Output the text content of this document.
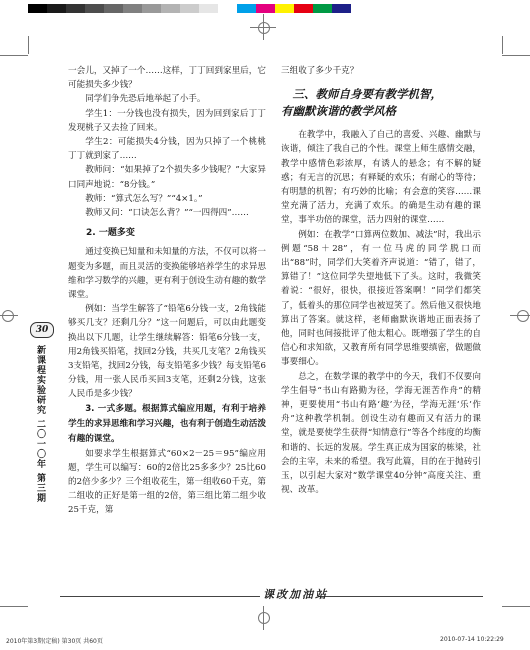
30
新课程实验研究 二〇一〇年 第三期

一会儿，又掉了一个……这样，丁丁回到家里后，它可能损失多少钱？

同学们争先恐后地举起了小手。

学生1：一分钱也没有损失，因为回到家后丁丁发现桃子又去捡了回来。

学生2：可能损失4分钱，因为只掉了一个桃桃丁丁就到家了……

教师问：“如果掉了2个损失多少钱呢？”大家异口同声地说：“8分钱。”

教师：“算式怎么写？”“4×1。”

教师又问：“口诀怎么背？”“一四得四”……

2. 一题多变

通过变换已知量和未知量的方法，不仅可以将一题变为多题，而且灵活的变换能够培养学生的求异思维和学习数学的兴趣，更有利于创设生动有趣的数学课堂。

例如：当学生解答了“铅笔6分钱一支，2角钱能够买几支？还剩几分？”这一问题后，可以由此题变换出以下几题，让学生继续解答：铅笔6分钱一支，用2角钱买铅笔，找回2分钱，共买几支笔？2角钱买3支铅笔，找回2分钱，每支铅笔多少钱？每支铅笔6分钱，用一张人民币买回3支笔，还剩2分钱，这张人民币是多少钱？

3. 一式多题。根据算式编应用题，有利于培养学生的求异思维和学习兴趣，也有利于创造生动活泼有趣的课堂。

如要求学生根据算式“60×2－25＝95”编应用题，学生可以编写：60的2倍比25多多少？25比60的2倍少多少？三个组收花生，第一组收60千克，第二组收的正好是第一组的2倍，第三组比第二组少收25千克，第

三组收了多少千克？

三、教师自身要有教学机智，
有幽默诙谐的教学风格

在教学中，我融入了自己的喜爱、兴趣、幽默与诙谐，倾注了我自己的个性。课堂上师生感情交融，教学中感情色彩浓厚，有诱人的悬念；有不解的疑惑；有无言的沉思；有释疑的欢乐；有耐心的等待；有明慧的机智；有巧妙的比喻；有会意的笑容……课堂充满了活力，充满了欢乐。的确是生动有趣的课堂，事半功倍的课堂，活力四射的课堂……

例如：在教学“口算两位数加、减法”时，我出示例题“58＋28”，有一位马虎的同学脱口而出“88”时，同学们大笑着齐声说道：“错了，错了，算错了！”这位同学失望地低下了头。这时，我微笑着说：“很好，很快，很接近答案啊！”同学们都笑了，低着头的那位同学也被逗笑了。然后他又很快地算出了答案。就这样，老师幽默诙谐地正面表扬了他，同时也间接批评了他太粗心。既增强了学生的自信心和求知欲，又教育所有同学思维要缜密，做题做事要细心。

总之，在数学课的教学中的今天，我们不仅要向学生倡导“书山有路勤为径，学海无涯苦作舟”的精神，更要使用“书山有路‘趣’为径，学海无涯‘乐’作舟”这种教学机制。创设生动有趣而又有活力的课堂，就是要使学生获得“知情意行”等各个纬度的均衡和谐的、长远的发展。学生真正成为国家的栋梁，社会的主宰，未来的希望。我写此篇，目的在于抛砖引玉，以引起大家对“数学课堂40分钟”高度关注、重视、改革。

课改加油站
2010年第3期(定稿) 第30页 共60页	2010-07-14 10:22:29
